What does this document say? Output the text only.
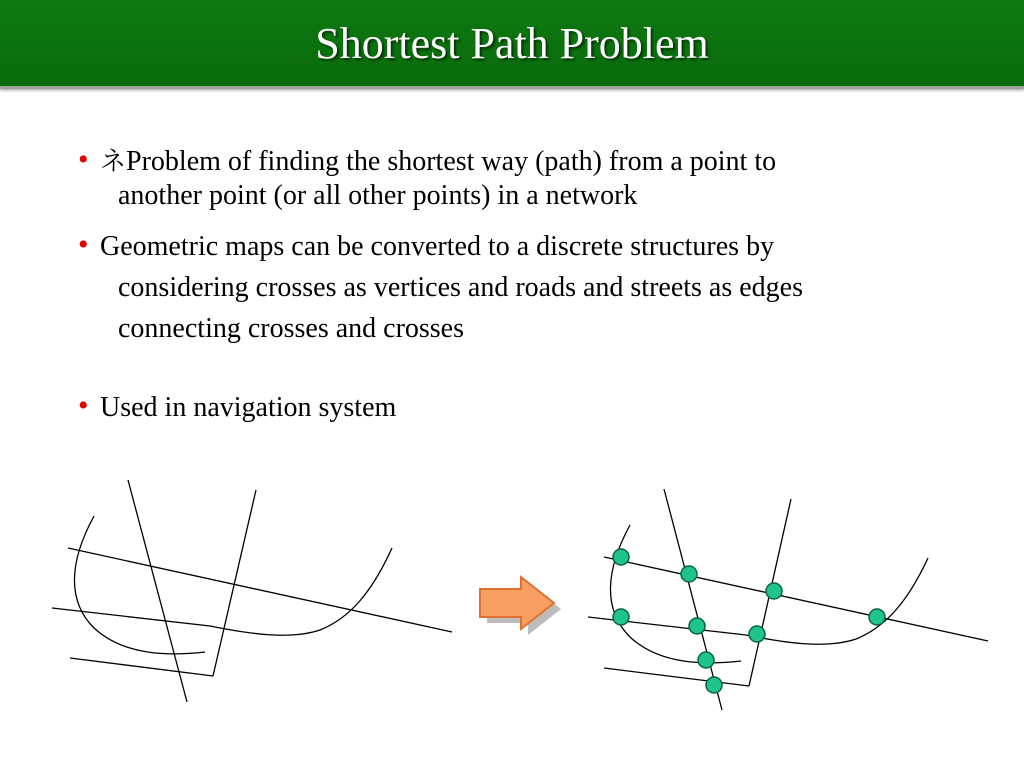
Shortest Path Problem
• ネProblem of finding the shortest way (path) from a point to
another point (or all other points) in a network
• Geometric maps can be converted to a discrete structures by
considering crosses as vertices and roads and streets as edges
connecting crosses and crosses
• Used in navigation system
